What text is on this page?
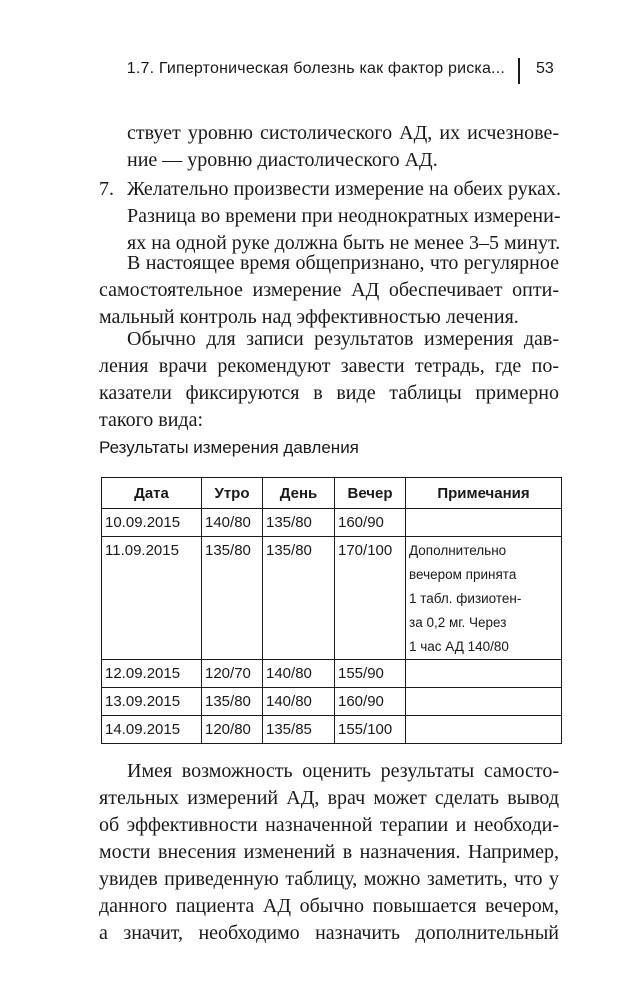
1.7. Гипертоническая болезнь как фактор риска... 53
ствует уровню систолического АД, их исчезнове-
ние — уровню диастолического АД.
7. Желательно произвести измерение на обеих руках.
Разница во времени при неоднократных измерени-
ях на одной руке должна быть не менее 3–5 минут.
В настоящее время общепризнано, что регулярное
самостоятельное измерение АД обеспечивает опти-
мальный контроль над эффективностью лечения.
Обычно для записи результатов измерения дав-
ления врачи рекомендуют завести тетрадь, где по-
казатели фиксируются в виде таблицы примерно
такого вида:
Результаты измерения давления
Дата	Утро	День	Вечер	Примечания
10.09.2015	140/80	135/80	160/90	
11.09.2015	135/80	135/80	170/100	Дополнительно
вечером принята
1 табл. физиотен-
за 0,2 мг. Через
1 час АД 140/80

12.09.2015	120/70	140/80	155/90	
13.09.2015	135/80	140/80	160/90	
14.09.2015	120/80	135/85	155/100	
Имея возможность оценить результаты самосто-
ятельных измерений АД, врач может сделать вывод
об эффективности назначенной терапии и необходи-
мости внесения изменений в назначения. Например,
увидев приведенную таблицу, можно заметить, что у
данного пациента АД обычно повышается вечером,
а значит, необходимо назначить дополнительный
